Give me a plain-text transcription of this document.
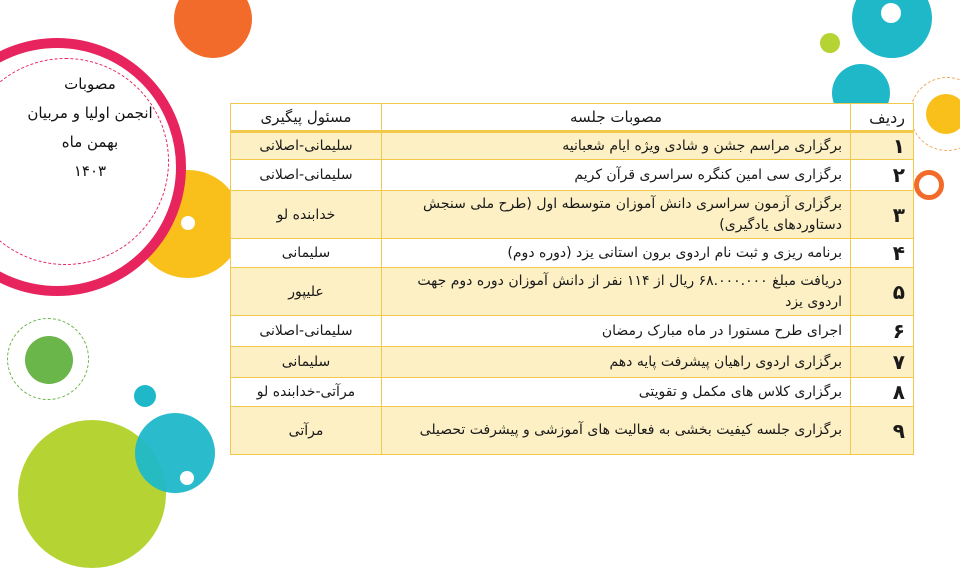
مصوبات
انجمن اولیا و مربیان
بهمن ماه
۱۴۰۳
ردیف	مصوبات جلسه	مسئول پیگیری
۱	برگزاری مراسم جشن و شادی ویژه ایام شعبانیه	سلیمانی-اصلانی
۲	برگزاری سی امین کنگره سراسری قرآن کریم	سلیمانی-اصلانی
۳	برگزاری آزمون سراسری دانش آموزان متوسطه اول (طرح ملی سنجش دستاوردهای یادگیری)	خدابنده لو
۴	برنامه ریزی و ثبت نام اردوی برون استانی یزد (دوره دوم)	سلیمانی
۵	دریافت مبلغ ۶۸.۰۰۰.۰۰۰ ریال از ۱۱۴ نفر از دانش آموزان دوره دوم جهت اردوی یزد	علیپور
۶	اجرای طرح مستورا در ماه مبارک رمضان	سلیمانی-اصلانی
۷	برگزاری اردوی راهیان پیشرفت پایه دهم	سلیمانی
۸	برگزاری کلاس های مکمل و تقویتی	مرآتی-خدابنده لو
۹	برگزاری جلسه کیفیت بخشی به فعالیت های آموزشی و پیشرفت تحصیلی	مرآتی
